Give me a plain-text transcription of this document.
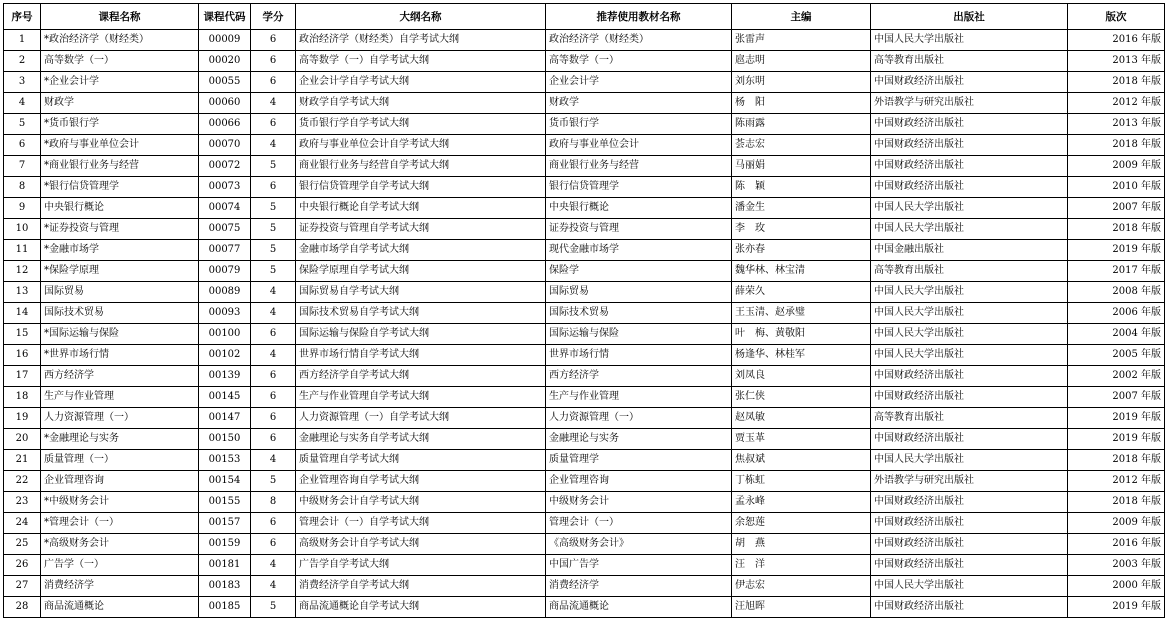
序号	课程名称	课程代码	学分	大纲名称	推荐使用教材名称	主编	出版社	版次
1	*政治经济学（财经类）	00009	6	政治经济学（财经类）自学考试大纲	政治经济学（财经类）	张雷声	中国人民大学出版社	2016 年版
2	高等数学（一）	00020	6	高等数学（一）自学考试大纲	高等数学（一）	扈志明	高等教育出版社	2013 年版
3	*企业会计学	00055	6	企业会计学自学考试大纲	企业会计学	刘东明	中国财政经济出版社	2018 年版
4	财政学	00060	4	财政学自学考试大纲	财政学	杨　阳	外语教学与研究出版社	2012 年版
5	*货币银行学	00066	6	货币银行学自学考试大纲	货币银行学	陈雨露	中国财政经济出版社	2013 年版
6	*政府与事业单位会计	00070	4	政府与事业单位会计自学考试大纲	政府与事业单位会计	荟志宏	中国财政经济出版社	2018 年版
7	*商业银行业务与经营	00072	5	商业银行业务与经营自学考试大纲	商业银行业务与经营	马丽娟	中国财政经济出版社	2009 年版
8	*银行信贷管理学	00073	6	银行信贷管理学自学考试大纲	银行信贷管理学	陈　颖	中国财政经济出版社	2010 年版
9	中央银行概论	00074	5	中央银行概论自学考试大纲	中央银行概论	潘金生	中国人民大学出版社	2007 年版
10	*证券投资与管理	00075	5	证券投资与管理自学考试大纲	证券投资与管理	李　玫	中国人民大学出版社	2018 年版
11	*金融市场学	00077	5	金融市场学自学考试大纲	现代金融市场学	张亦春	中国金融出版社	2019 年版
12	*保险学原理	00079	5	保险学原理自学考试大纲	保险学	魏华林、林宝清	高等教育出版社	2017 年版
13	国际贸易	00089	4	国际贸易自学考试大纲	国际贸易	薛荣久	中国人民大学出版社	2008 年版
14	国际技术贸易	00093	4	国际技术贸易自学考试大纲	国际技术贸易	王玉清、赵承璧	中国人民大学出版社	2006 年版
15	*国际运输与保险	00100	6	国际运输与保险自学考试大纲	国际运输与保险	叶　梅、黄敬阳	中国人民大学出版社	2004 年版
16	*世界市场行情	00102	4	世界市场行情自学考试大纲	世界市场行情	杨逢华、林桂军	中国人民大学出版社	2005 年版
17	西方经济学	00139	6	西方经济学自学考试大纲	西方经济学	刘凤良	中国财政经济出版社	2002 年版
18	生产与作业管理	00145	6	生产与作业管理自学考试大纲	生产与作业管理	张仁侠	中国财政经济出版社	2007 年版
19	人力资源管理（一）	00147	6	人力资源管理（一）自学考试大纲	人力资源管理（一）	赵凤敏	高等教育出版社	2019 年版
20	*金融理论与实务	00150	6	金融理论与实务自学考试大纲	金融理论与实务	贾玉革	中国财政经济出版社	2019 年版
21	质量管理（一）	00153	4	质量管理自学考试大纲	质量管理学	焦叔斌	中国人民大学出版社	2018 年版
22	企业管理咨询	00154	5	企业管理咨询自学考试大纲	企业管理咨询	丁栋虹	外语教学与研究出版社	2012 年版
23	*中级财务会计	00155	8	中级财务会计自学考试大纲	中级财务会计	孟永峰	中国财政经济出版社	2018 年版
24	*管理会计（一）	00157	6	管理会计（一）自学考试大纲	管理会计（一）	余恕莲	中国财政经济出版社	2009 年版
25	*高级财务会计	00159	6	高级财务会计自学考试大纲	《高级财务会计》	胡　燕	中国财政经济出版社	2016 年版
26	广告学（一）	00181	4	广告学自学考试大纲	中国广告学	汪　洋	中国财政经济出版社	2003 年版
27	消费经济学	00183	4	消费经济学自学考试大纲	消费经济学	伊志宏	中国人民大学出版社	2000 年版
28	商品流通概论	00185	5	商品流通概论自学考试大纲	商品流通概论	汪旭晖	中国财政经济出版社	2019 年版
